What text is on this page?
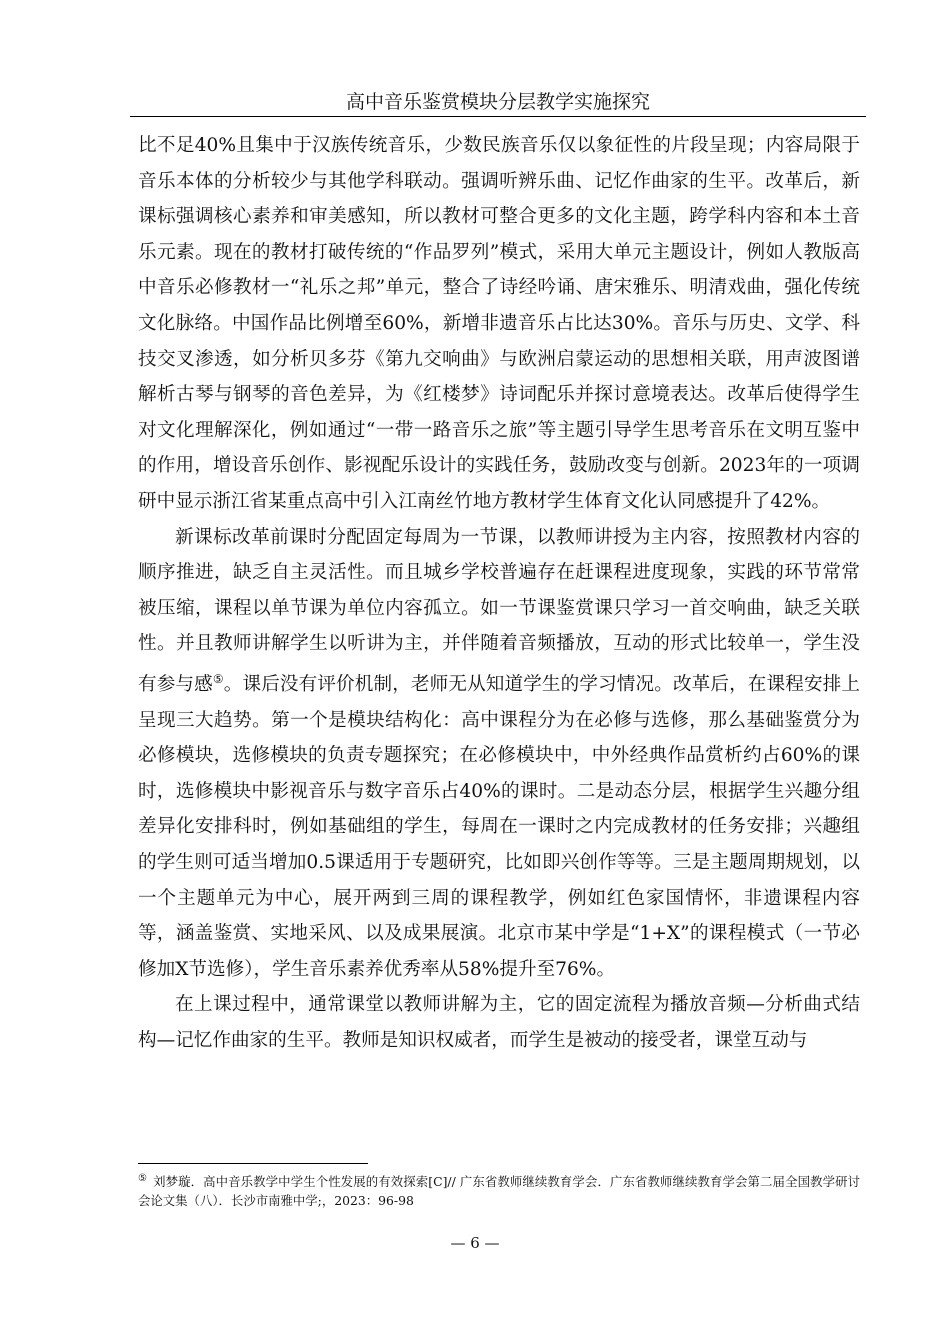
高中音乐鉴赏模块分层教学实施探究

比不足40%且集中于汉族传统音乐，少数民族音乐仅以象征性的片段呈现；内容局限于音乐本体的分析较少与其他学科联动。强调听辨乐曲、记忆作曲家的生平。改革后，新课标强调核心素养和审美感知，所以教材可整合更多的文化主题，跨学科内容和本土音乐元素。现在的教材打破传统的“作品罗列”模式，采用大单元主题设计，例如人教版高中音乐必修教材一“礼乐之邦”单元，整合了诗经吟诵、唐宋雅乐、明清戏曲，强化传统文化脉络。中国作品比例增至60%，新增非遗音乐占比达30%。音乐与历史、文学、科技交叉渗透，如分析贝多芬《第九交响曲》与欧洲启蒙运动的思想相关联，用声波图谱解析古琴与钢琴的音色差异，为《红楼梦》诗词配乐并探讨意境表达。改革后使得学生对文化理解深化，例如通过“一带一路音乐之旅”等主题引导学生思考音乐在文明互鉴中的作用，增设音乐创作、影视配乐设计的实践任务，鼓励改变与创新。2023年的一项调研中显示浙江省某重点高中引入江南丝竹地方教材学生体育文化认同感提升了42%。

新课标改革前课时分配固定每周为一节课，以教师讲授为主内容，按照教材内容的顺序推进，缺乏自主灵活性。而且城乡学校普遍存在赶课程进度现象，实践的环节常常被压缩，课程以单节课为单位内容孤立。如一节课鉴赏课只学习一首交响曲，缺乏关联性。并且教师讲解学生以听讲为主，并伴随着音频播放，互动的形式比较单一，学生没有参与感⑤。课后没有评价机制，老师无从知道学生的学习情况。改革后，在课程安排上呈现三大趋势。第一个是模块结构化：高中课程分为在必修与选修，那么基础鉴赏分为必修模块，选修模块的负责专题探究；在必修模块中，中外经典作品赏析约占60%的课时，选修模块中影视音乐与数字音乐占40%的课时。二是动态分层，根据学生兴趣分组差异化安排科时，例如基础组的学生，每周在一课时之内完成教材的任务安排；兴趣组的学生则可适当增加0.5课适用于专题研究，比如即兴创作等等。三是主题周期规划，以一个主题单元为中心，展开两到三周的课程教学，例如红色家国情怀，非遗课程内容等，涵盖鉴赏、实地采风、以及成果展演。北京市某中学是“1+X”的课程模式（一节必修加X节选修），学生音乐素养优秀率从58%提升至76%。

在上课过程中，通常课堂以教师讲解为主，它的固定流程为播放音频—分析曲式结构—记忆作曲家的生平。教师是知识权威者，而学生是被动的接受者，课堂互动与

⑤ 刘梦璇．高中音乐教学中学生个性发展的有效探索[C]// 广东省教师继续教育学会．广东省教师继续教育学会第二届全国教学研讨会论文集（八）．长沙市南雅中学;，2023：96-98
— 6 —
